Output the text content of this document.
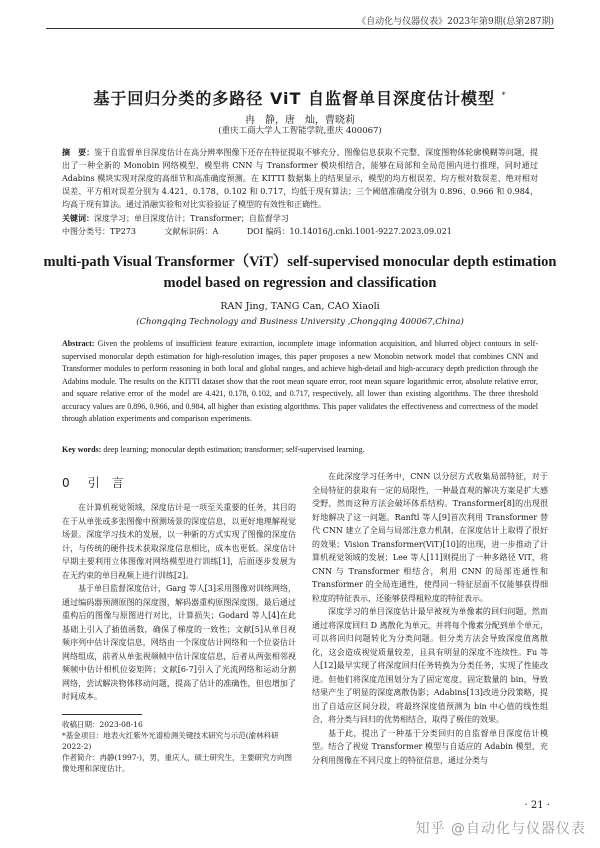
《自动化与仪器仪表》2023年第9期(总第287期)
基于回归分类的多路径 ViT 自监督单目深度估计模型 *
冉　静，唐　灿，曹晓莉
(重庆工商大学人工智能学院,重庆 400067)
摘　要：鉴于自监督单目深度估计在高分辨率图像下还存在特征提取不够充分、图像信息获取不完整、深度图物体轮廓模糊等问题，提出了一种全新的 Monobin 网络模型，模型将 CNN 与 Transformer 模块相结合，能够在局部和全局范围内进行推理，同时通过 Adabins 模块实现对深度的高细节和高准确度预测。在 KITTI 数据集上的结果显示，模型的均方根误差、均方根对数误差、绝对相对误差、平方相对误差分别为 4.421、0.178、0.102 和 0.717，均低于现有算法；三个阈值准确度分别为 0.896、0.966 和 0.984，均高于现有算法。通过消融实验和对比实验验证了模型的有效性和正确性。
关键词：深度学习；单目深度估计；Transformer；自监督学习
中图分类号：TP273	文献标识码：A	DOI 编码：10.14016/j.cnki.1001-9227.2023.09.021
multi-path Visual Transformer（ViT）self-supervised monocular depth estimation model based on regression and classification
RAN Jing, TANG Can, CAO Xiaoli
(Chongqing Technology and Business University ,Chongqing 400067,China)
Abstract: Given the problems of insufficient feature extraction, incomplete image information acquisition, and blurred object contours in self-supervised monocular depth estimation for high-resolution images, this paper proposes a new Monobin network model that combines CNN and Transformer modules to perform reasoning in both local and global ranges, and achieve high-detail and high-accuracy depth prediction through the Adabins module. The results on the KITTI dataset show that the root mean square error, root mean square logarithmic error, absolute relative error, and square relative error of the model are 4.421, 0.178, 0.102, and 0.717, respectively, all lower than existing algorithms. The three threshold accuracy values are 0.896, 0.966, and 0.984, all higher than existing algorithms. This paper validates the effectiveness and correctness of the model through ablation experiments and comparison experiments.
Key words: deep learning; monocular depth estimation; transformer; self-supervised learning.
0 引　言

在计算机视觉领域，深度估计是一项至关重要的任务，其目的在于从单张或多张图像中预测场景的深度信息，以更好地理解视觉场景。深度学习技术的发展，以一种新的方式实现了图像的深度估计，与传统的硬件技术获取深度信息相比，成本也更低。深度估计早期主要利用立体图像对网络模型进行训练[1]，后面逐步发展为在无约束的单目视频上进行训练[2]。

基于单目监督深度估计，Garg 等人[3]采用图像对训练网络，通过编码器预测原图的深度图，解码器重构原图深度图，最后通过重构后的图像与原图进行对比，计算损失；Godard 等人[4]在此基础上引入了插值函数，确保了梯度的一致性；文献[5]从单目视频序列中估计深度信息，网络由一个深度估计网络和一个位姿估计网络组成，前者从单张视频帧中估计深度信息，后者从两张相邻视频帧中估计相机位姿矩阵；文献[6-7]引入了光流网络和运动分割网络，尝试解决物体移动问题，提高了估计的准确性，但也增加了时间成本。

收稿日期：2023-08-16

*基金项目：地表火红紫外光谱检测关键技术研究与示范(渝林科研 2022-2)

作者简介：冉静(1997-)，男，重庆人，硕士研究生，主要研究方向图像处理和深度估计。

在此深度学习任务中，CNN 以分层方式收集局部特征，对于全局特征的获取有一定的局限性，一种最直观的解决方案是扩大感受野，然而这种方法会破坏体系结构。Transformer[8]的出现很好地解决了这一问题。Ranftl 等人[9]首次利用 Transformer 替代 CNN 建立了全局与局部注意力机制，在深度估计上取得了很好的效果；Vision Transformer(ViT)[10]的出现，进一步推动了计算机视觉领域的发展；Lee 等人[11]则提出了一种多路径 ViT，将 CNN 与 Transformer 相结合，利用 CNN 的局部连通性和 Transformer 的全局连通性，使得同一特征层面不仅能够获得细粒度的特征表示，还能够获得粗粒度的特征表示。

深度学习的单目深度估计最早被视为单像素的回归问题，然而通过将深度回归 D 离散化为单元，并将每个像素分配到单个单元，可以将回归问题转化为分类问题。但分类方法会导致深度值离散化，这会造成视觉质量较差，且具有明显的深度不连续性。Fu 等人[12]最早实现了将深度回归任务转换为分类任务，实现了性能改进。但他们将深度范围划分为了固定宽度、固定数量的 bin，导致结果产生了明显的深度离散伪影；Adabins[13]改进分段策略，提出了自适应区间分段，将最终深度值预测为 bin 中心值的线性组合，将分类与回归的优势相结合，取得了极佳的效果。

基于此，提出了一种基于分类回归的自监督单目深度估计模型。结合了视觉 Transformer 模型与自适应的 Adabin 模型，充分利用图像在不同尺度上的特征信息，通过分类与

· 21 ·
知乎 @自动化与仪器仪表
